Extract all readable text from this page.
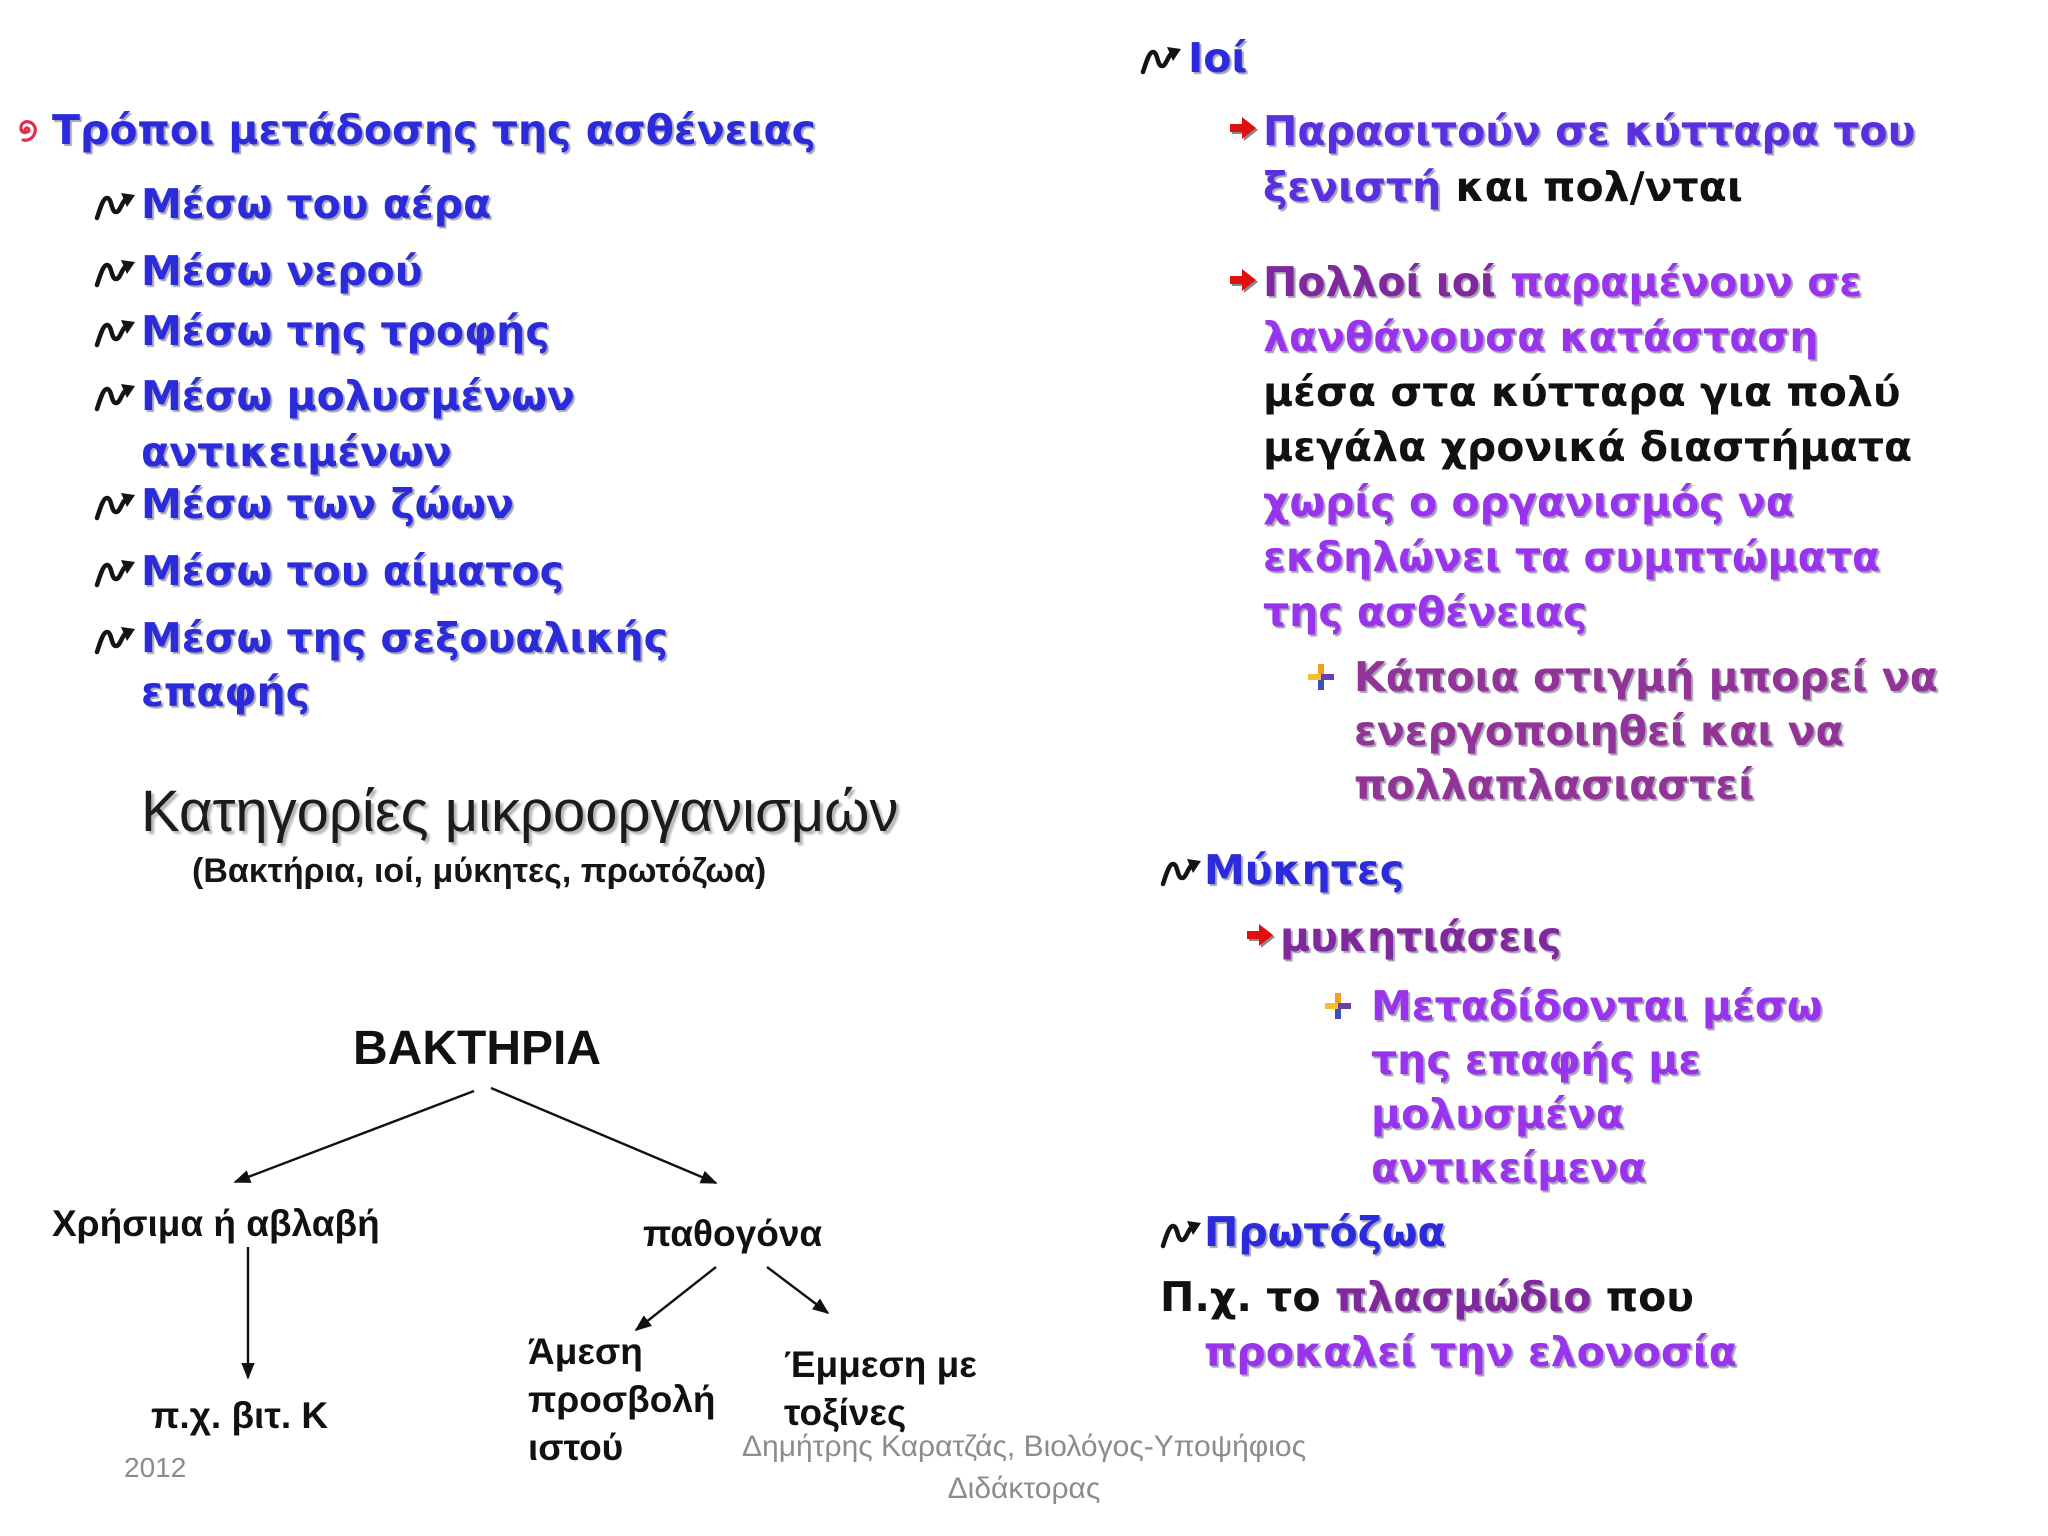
Τρόποι μετάδοσης της ασθένειας
Μέσω του αέρα
Μέσω νερού
Μέσω της τροφής
Μέσω μολυσμένων
αντικειμένων
Μέσω των ζώων
Μέσω του αίματος
Μέσω της σεξουαλικής
επαφής
Κατηγορίες μικροοργανισμών
(Βακτήρια, ιοί, μύκητες, πρωτόζωα)
ΒΑΚΤΗΡΙΑ
Χρήσιμα ή αβλαβή	παθογόνα
π.χ. βιτ. Κ
Άμεση
προσβολή
ιστού
Έμμεση με
τοξίνες
Ιοί
Παρασιτούν σε κύτταρα του
ξενιστή και πολ/νται
Πολλοί ιοί παραμένουν σε
λανθάνουσα κατάσταση
μέσα στα κύτταρα για πολύ
μεγάλα χρονικά διαστήματα
χωρίς ο οργανισμός να
εκδηλώνει τα συμπτώματα
της ασθένειας
Κάποια στιγμή μπορεί να
ενεργοποιηθεί και να
πολλαπλασιαστεί
Μύκητες
μυκητιάσεις
Μεταδίδονται μέσω
της επαφής με
μολυσμένα
αντικείμενα
Πρωτόζωα
Π.χ. το πλασμώδιο που
προκαλεί την ελονοσία
2012
Δημήτρης Καρατζάς, Βιολόγος-Υποψήφιος
Διδάκτορας
